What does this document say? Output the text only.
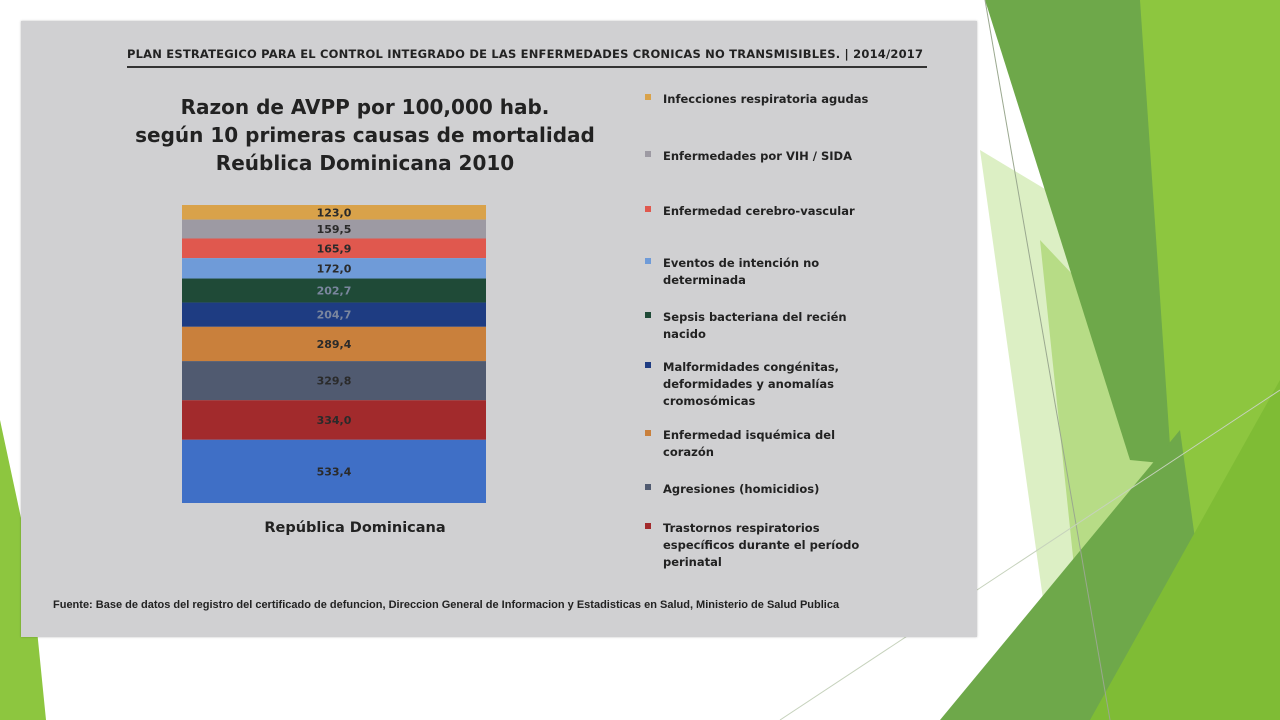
PLAN ESTRATEGICO PARA EL CONTROL INTEGRADO DE LAS ENFERMEDADES CRONICAS NO TRANSMISIBLES. | 2014/2017
Razon de AVPP por 100,000 hab.
según 10 primeras causas de mortalidad
Reública Dominicana 2010
123,0
159,5
165,9
172,0
202,7
204,7
289,4
329,8
334,0
533,4
República Dominicana
Infecciones respiratoria agudas
Enfermedades por VIH / SIDA
Enfermedad cerebro-vascular
Eventos de intención no
determinada
Sepsis bacteriana del recién
nacido
Malformidades congénitas,
deformidades y anomalías
cromosómicas
Enfermedad isquémica del
corazón
Agresiones (homicidios)
Trastornos respiratorios
específicos durante el período
perinatal
Fuente: Base de datos del registro del certificado de defuncion, Direccion General de Informacion y Estadisticas en Salud, Ministerio de Salud Publica
